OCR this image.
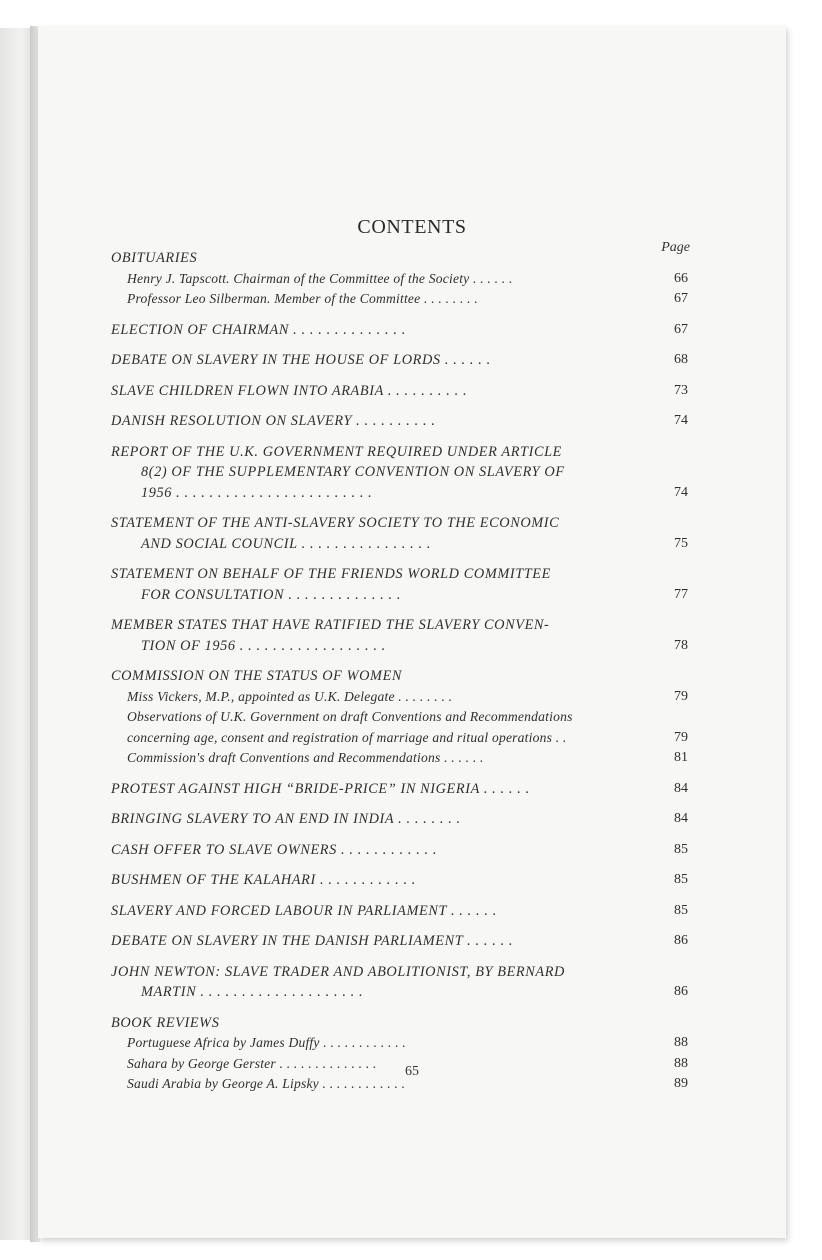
CONTENTS
Page
OBITUARIES
Henry J. Tapscott. Chairman of the Committee of the Society . . . . . .	66
Professor Leo Silberman. Member of the Committee . . . . . . . .	67
ELECTION OF CHAIRMAN . . . . . . . . . . . . . .	67
DEBATE ON SLAVERY IN THE HOUSE OF LORDS . . . . . .	68
SLAVE CHILDREN FLOWN INTO ARABIA . . . . . . . . . .	73
DANISH RESOLUTION ON SLAVERY . . . . . . . . . .	74
REPORT OF THE U.K. GOVERNMENT REQUIRED UNDER ARTICLE
8(2) OF THE SUPPLEMENTARY CONVENTION ON SLAVERY OF
1956 . . . . . . . . . . . . . . . . . . . . . . . .	74
STATEMENT OF THE ANTI-SLAVERY SOCIETY TO THE ECONOMIC
AND SOCIAL COUNCIL . . . . . . . . . . . . . . . .	75
STATEMENT ON BEHALF OF THE FRIENDS WORLD COMMITTEE
FOR CONSULTATION . . . . . . . . . . . . . .	77
MEMBER STATES THAT HAVE RATIFIED THE SLAVERY CONVEN-
TION OF 1956 . . . . . . . . . . . . . . . . . .	78
COMMISSION ON THE STATUS OF WOMEN
Miss Vickers, M.P., appointed as U.K. Delegate . . . . . . . .	79
Observations of U.K. Government on draft Conventions and Recommendations
concerning age, consent and registration of marriage and ritual operations . .	79
Commission's draft Conventions and Recommendations . . . . . .	81
PROTEST AGAINST HIGH “BRIDE-PRICE” IN NIGERIA . . . . . .	84
BRINGING SLAVERY TO AN END IN INDIA . . . . . . . .	84
CASH OFFER TO SLAVE OWNERS . . . . . . . . . . . .	85
BUSHMEN OF THE KALAHARI . . . . . . . . . . . .	85
SLAVERY AND FORCED LABOUR IN PARLIAMENT . . . . . .	85
DEBATE ON SLAVERY IN THE DANISH PARLIAMENT . . . . . .	86
JOHN NEWTON: SLAVE TRADER AND ABOLITIONIST, BY BERNARD
MARTIN . . . . . . . . . . . . . . . . . . . .	86
BOOK REVIEWS
Portuguese Africa by James Duffy . . . . . . . . . . . .	88
Sahara by George Gerster . . . . . . . . . . . . . .	88
Saudi Arabia by George A. Lipsky . . . . . . . . . . . .	89
65
